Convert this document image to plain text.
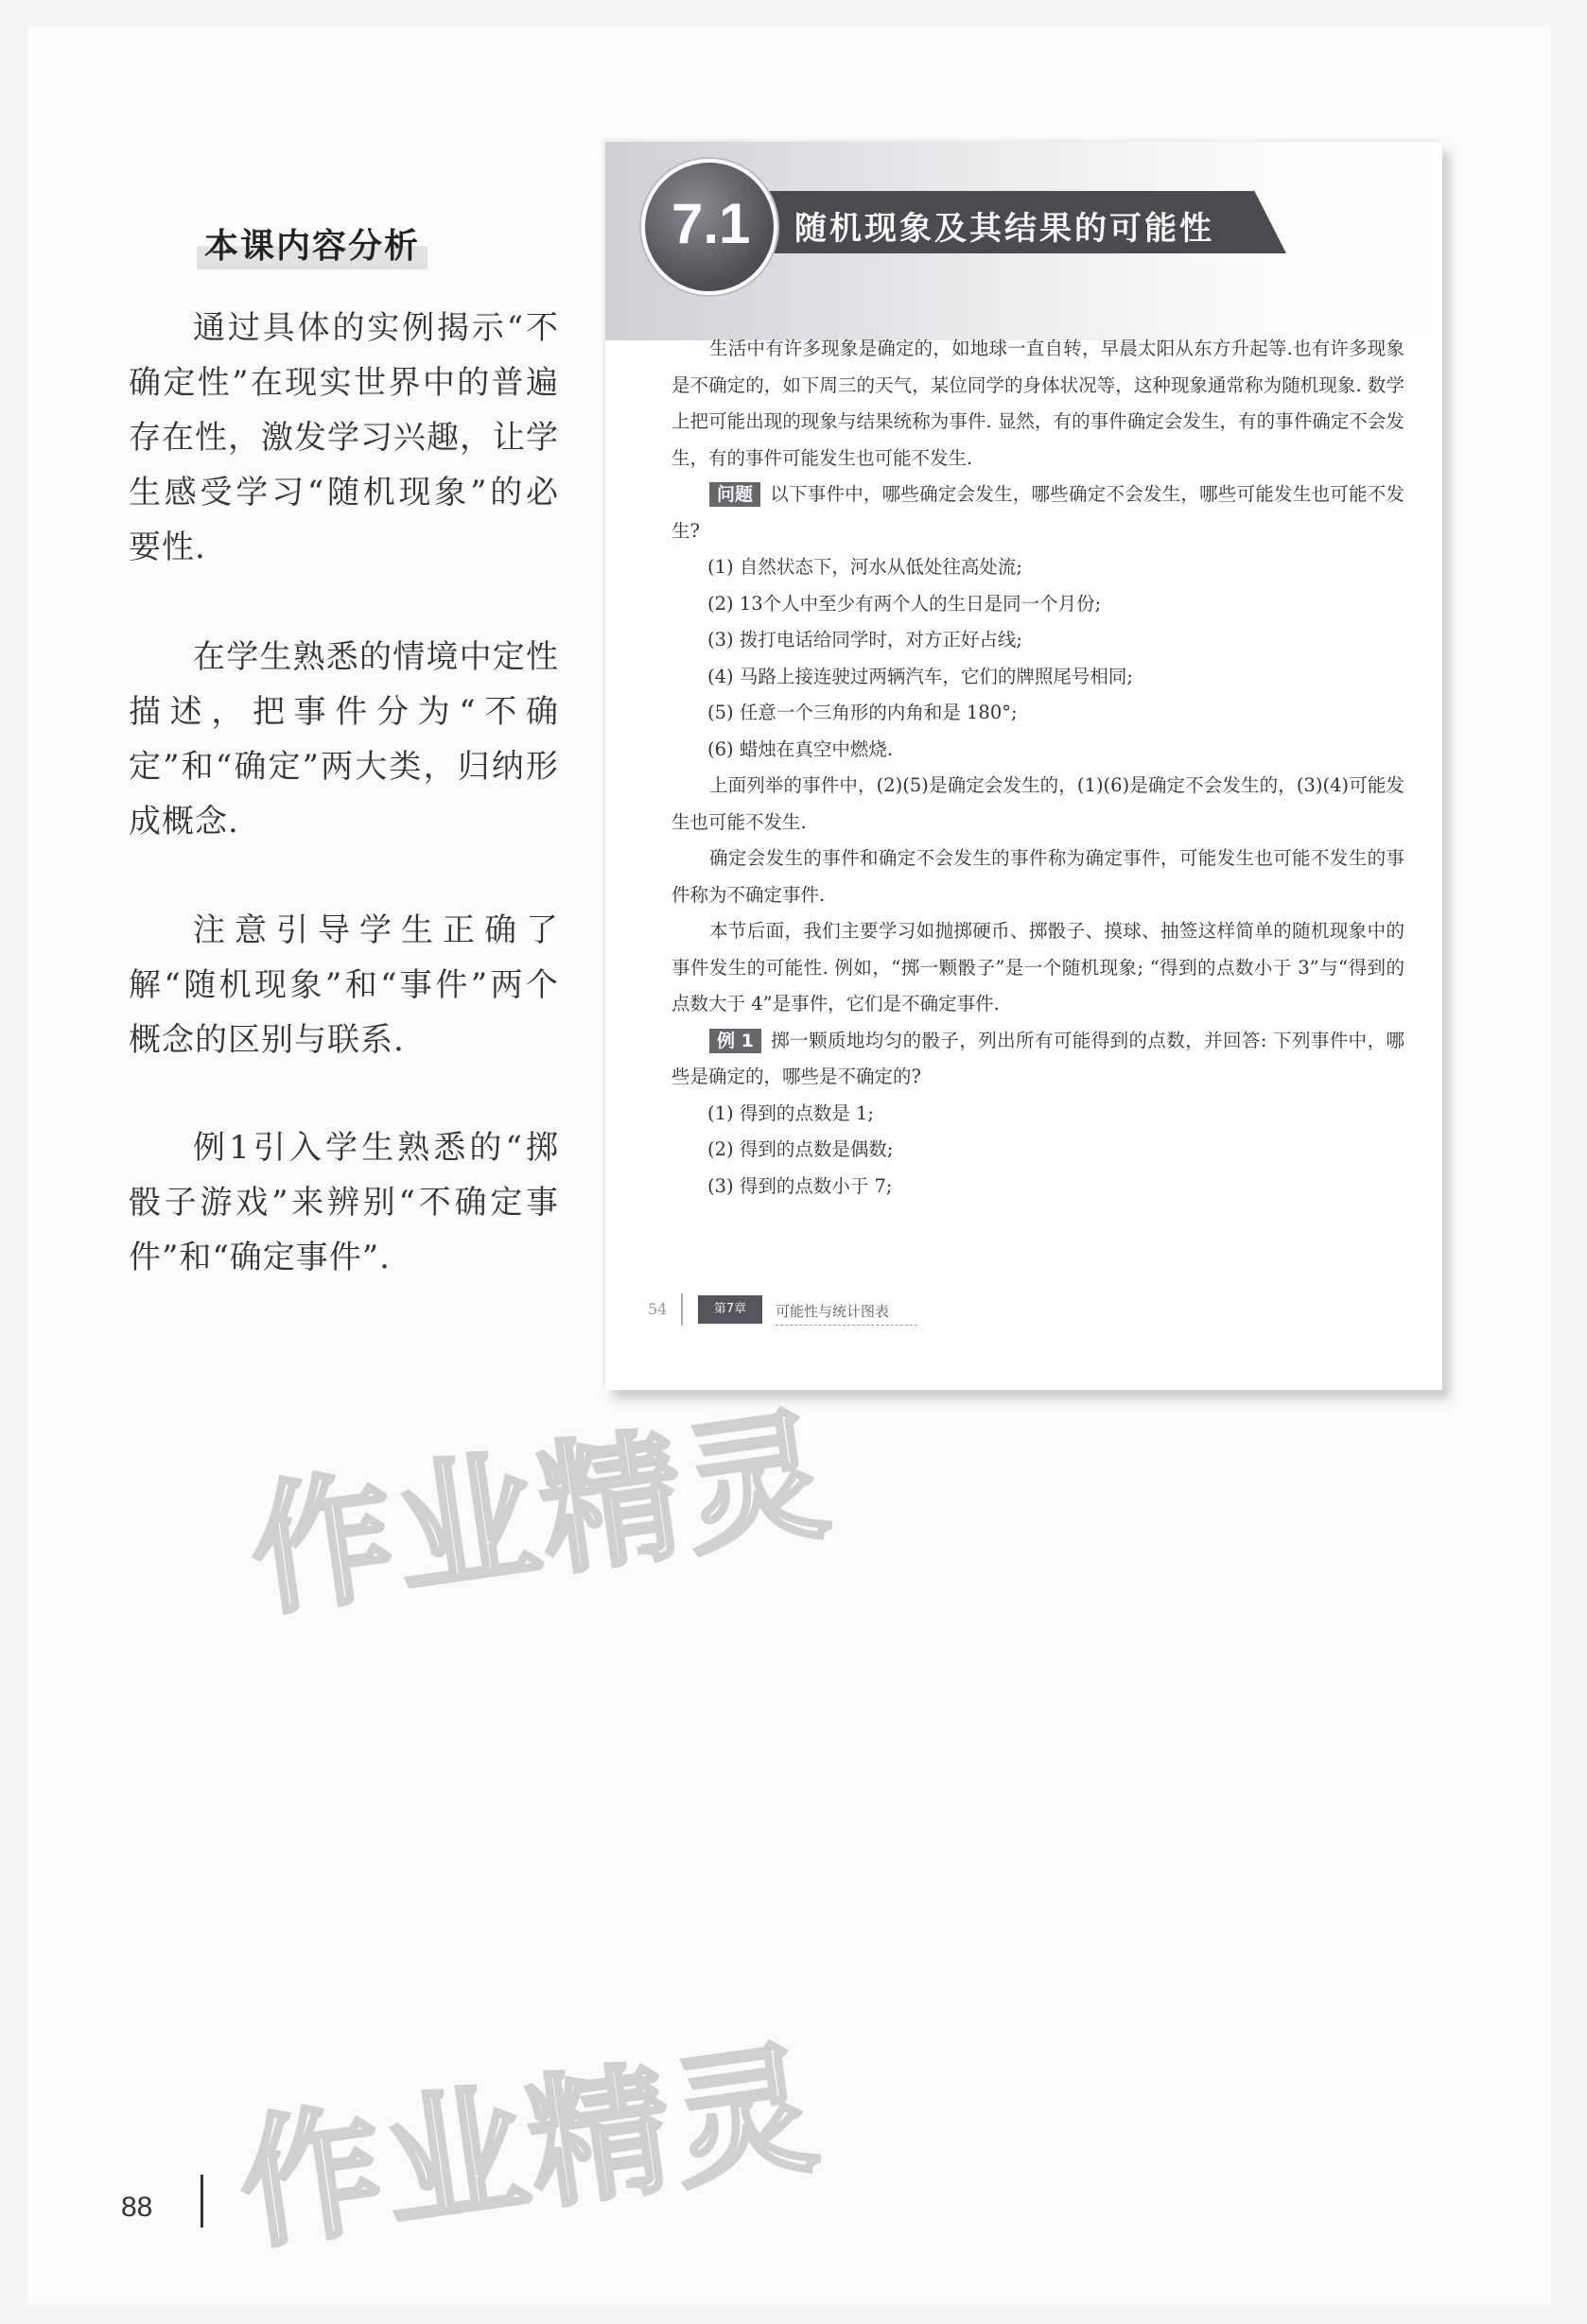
本课内容分析
通过具体的实例揭示“不确定性”在现实世界中的普遍存在性，激发学习兴趣，让学生感受学习“随机现象”的必要性.
在学生熟悉的情境中定性描述，把事件分为“不确定”和“确定”两大类，归纳形成概念.
注意引导学生正确了解“随机现象”和“事件”两个概念的区别与联系.
例1引入学生熟悉的“掷骰子游戏”来辨别“不确定事件”和“确定事件”.
随机现象及其结果的可能性
7.1
生活中有许多现象是确定的，如地球一直自转，早晨太阳从东方升起等.也有许多现象是不确定的，如下周三的天气，某位同学的身体状况等，这种现象通常称为随机现象. 数学上把可能出现的现象与结果统称为事件. 显然，有的事件确定会发生，有的事件确定不会发生，有的事件可能发生也可能不发生.
问题 以下事件中，哪些确定会发生，哪些确定不会发生，哪些可能发生也可能不发生?
(1) 自然状态下，河水从低处往高处流;
(2) 13个人中至少有两个人的生日是同一个月份;
(3) 拨打电话给同学时，对方正好占线;
(4) 马路上接连驶过两辆汽车，它们的牌照尾号相同;
(5) 任意一个三角形的内角和是 180°;
(6) 蜡烛在真空中燃烧.
上面列举的事件中，(2)(5)是确定会发生的，(1)(6)是确定不会发生的，(3)(4)可能发生也可能不发生.
确定会发生的事件和确定不会发生的事件称为确定事件，可能发生也可能不发生的事件称为不确定事件.
本节后面，我们主要学习如抛掷硬币、掷骰子、摸球、抽签这样简单的随机现象中的事件发生的可能性. 例如，“掷一颗骰子”是一个随机现象; “得到的点数小于 3”与“得到的点数大于 4”是事件，它们是不确定事件.
例 1 掷一颗质地均匀的骰子，列出所有可能得到的点数，并回答: 下列事件中，哪些是确定的，哪些是不确定的?
(1) 得到的点数是 1;
(2) 得到的点数是偶数;
(3) 得到的点数小于 7;
54	第7章	可能性与统计图表
作业精灵
作业精灵
88
